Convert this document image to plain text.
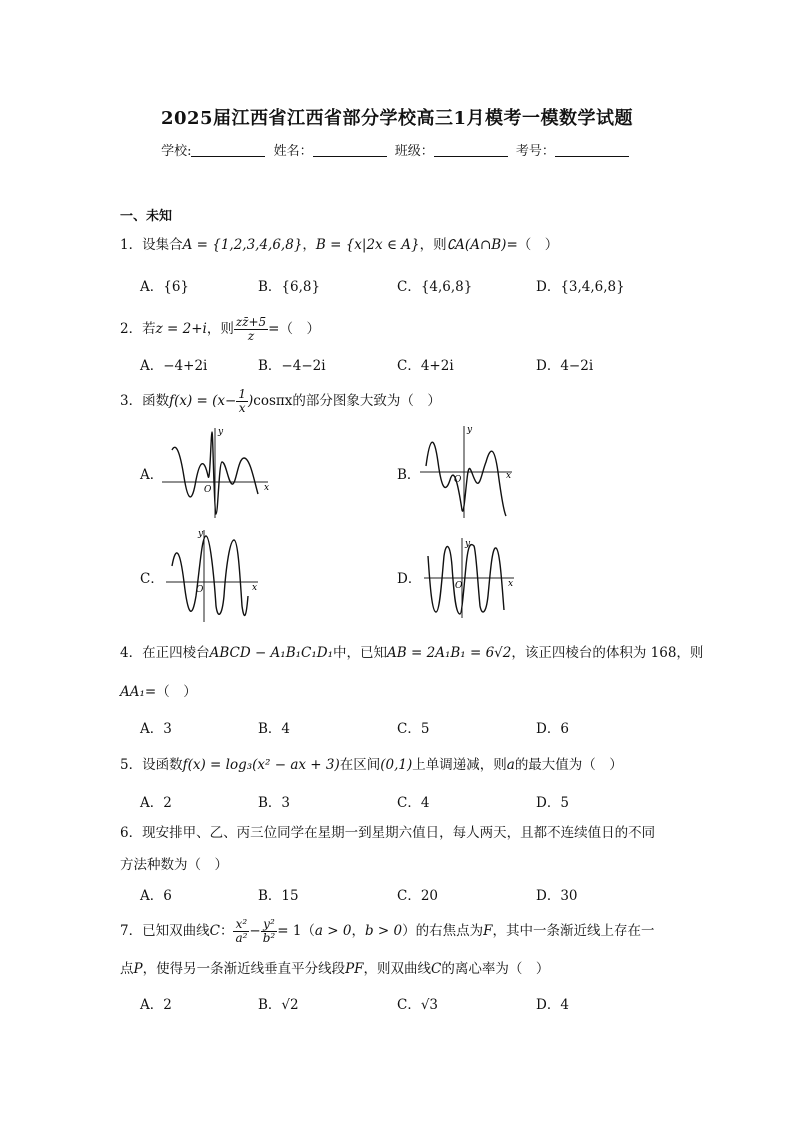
2025届江西省江西省部分学校高三1月模考一模数学试题
学校:	姓名：	班级：	考号：
一、未知
1．设集合A = {1,2,3,4,6,8}，B = {x|2x ∈ A}，则∁A(A∩B)=（　）
A．{6}	B．{6,8}	C．{4,6,8}	D．{3,4,6,8}
2．若z = 2+i，则 $\frac{zz̄+5}{z}$ =（　）
A．−4+2i	B．−4−2i	C．4+2i	D．4−2i
3．函数$f(x) = (x- \frac{1}{x} )\cos\pi x$的部分图象大致为（　）
A．	B．
C．	D．
y
x
O
y
x
O
y
x
O
y
x
O
4．在正四棱台ABCD − A₁B₁C₁D₁中，已知AB = 2A₁B₁ = 6√2，该正四棱台的体积为 168，则
AA₁=（　）
A．3	B．4	C．5	D．6
5．设函数f(x) = log₃(x² − ax + 3)在区间(0,1)上单调递减，则a的最大值为（　）
A．2	B．3	C．4	D．5
6．现安排甲、乙、丙三位同学在星期一到星期六值日，每人两天，且都不连续值日的不同
方法种数为（　）
A．6	B．15	C．20	D．30
7．已知双曲线C： $\frac{\text{x²}}{\text{a²}} - \frac{\text{y²}}{\text{b²}} = 1(a > 0$，b > 0）的右焦点为F，其中一条渐近线上存在一
点P，使得另一条渐近线垂直平分线段PF，则双曲线C的离心率为（　）
A．2	B．√2	C．√3	D．4
